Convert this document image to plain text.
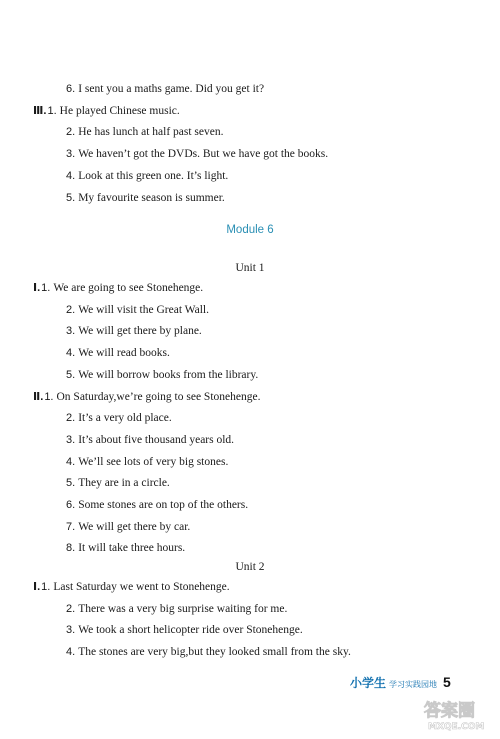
6. I sent you a maths game. Did you get it?
Ⅲ.1. He played Chinese music.
2. He has lunch at half past seven.
3. We haven’t got the DVDs. But we have got the books.
4. Look at this green one. It’s light.
5. My favourite season is summer.
Module 6
Unit 1
Ⅰ.1. We are going to see Stonehenge.
2. We will visit the Great Wall.
3. We will get there by plane.
4. We will read books.
5. We will borrow books from the library.
Ⅱ.1. On Saturday,we’re going to see Stonehenge.
2. It’s a very old place.
3. It’s about five thousand years old.
4. We’ll see lots of very big stones.
5. They are in a circle.
6. Some stones are on top of the others.
7. We will get there by car.
8. It will take three hours.
Unit 2
Ⅰ.1. Last Saturday we went to Stonehenge.
2. There was a very big surprise waiting for me.
3. We took a short helicopter ride over Stonehenge.
4. The stones are very big,but they looked small from the sky.
小学生 学习实践园地 5
答案圈
MXQE.COM
